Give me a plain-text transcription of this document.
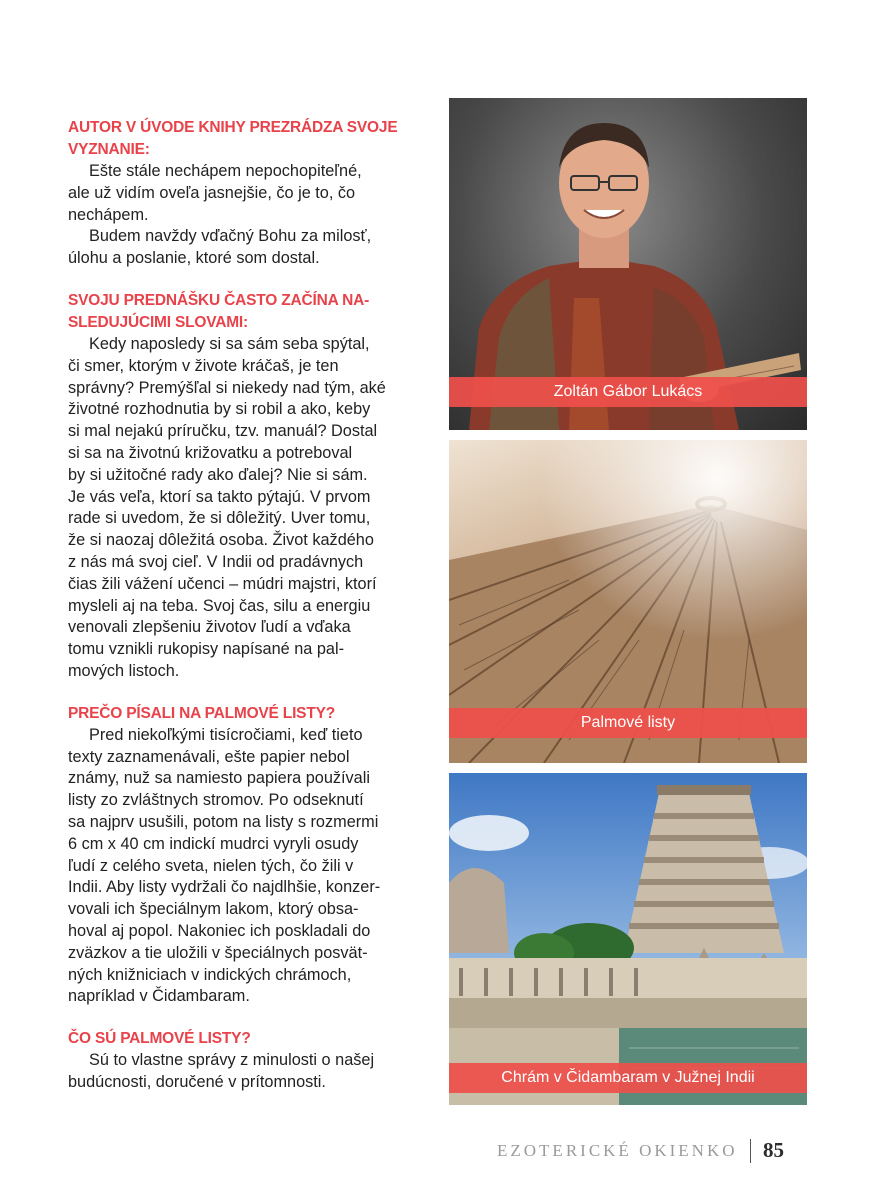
AUTOR V ÚVODE KNIHY PREZRÁDZA SVOJE VYZNANIE:

Ešte stále nechápem nepochopiteľné,
ale už vidím oveľa jasnejšie, čo je to, čo
nechápem.

Budem navždy vďačný Bohu za milosť,
úlohu a poslanie, ktoré som dostal.

SVOJU PREDNÁŠKU ČASTO ZAČÍNA NA-SLEDUJÚCIMI SLOVAMI:

Kedy naposledy si sa sám seba spýtal,
či smer, ktorým v živote kráčaš, je ten
správny? Premýšľal si niekedy nad tým, aké
životné rozhodnutia by si robil a ako, keby
si mal nejakú príručku, tzv. manuál? Dostal
si sa na životnú križovatku a potreboval
by si užitočné rady ako ďalej? Nie si sám.
Je vás veľa, ktorí sa takto pýtajú. V prvom
rade si uvedom, že si dôležitý. Uver tomu,
že si naozaj dôležitá osoba. Život každého
z nás má svoj cieľ. V Indii od pradávnych
čias žili vážení učenci – múdri majstri, ktorí
mysleli aj na teba. Svoj čas, silu a energiu
venovali zlepšeniu životov ľudí a vďaka
tomu vznikli rukopisy napísané na pal-
mových listoch.

PREČO PÍSALI NA PALMOVÉ LISTY?

Pred niekoľkými tisícročiami, keď tieto
texty zaznamenávali, ešte papier nebol
známy, nuž sa namiesto papiera používali
listy zo zvláštnych stromov. Po odseknutí
sa najprv usušili, potom na listy s rozmermi
6 cm x 40 cm indickí mudrci vyryli osudy
ľudí z celého sveta, nielen tých, čo žili v
Indii. Aby listy vydržali čo najdlhšie, konzer-
vovali ich špeciálnym lakom, ktorý obsa-
hoval aj popol. Nakoniec ich poskladali do
zväzkov a tie uložili v špeciálnych posvät-
ných knižniciach v indických chrámoch,
napríklad v Čidambaram.

ČO SÚ PALMOVÉ LISTY?

Sú to vlastne správy z minulosti o našej
budúcnosti, doručené v prítomnosti.

Zoltán Gábor Lukács
Palmové listy
Chrám v Čidambaram v Južnej Indii
EZOTERICKÉ OKIENKO 85
